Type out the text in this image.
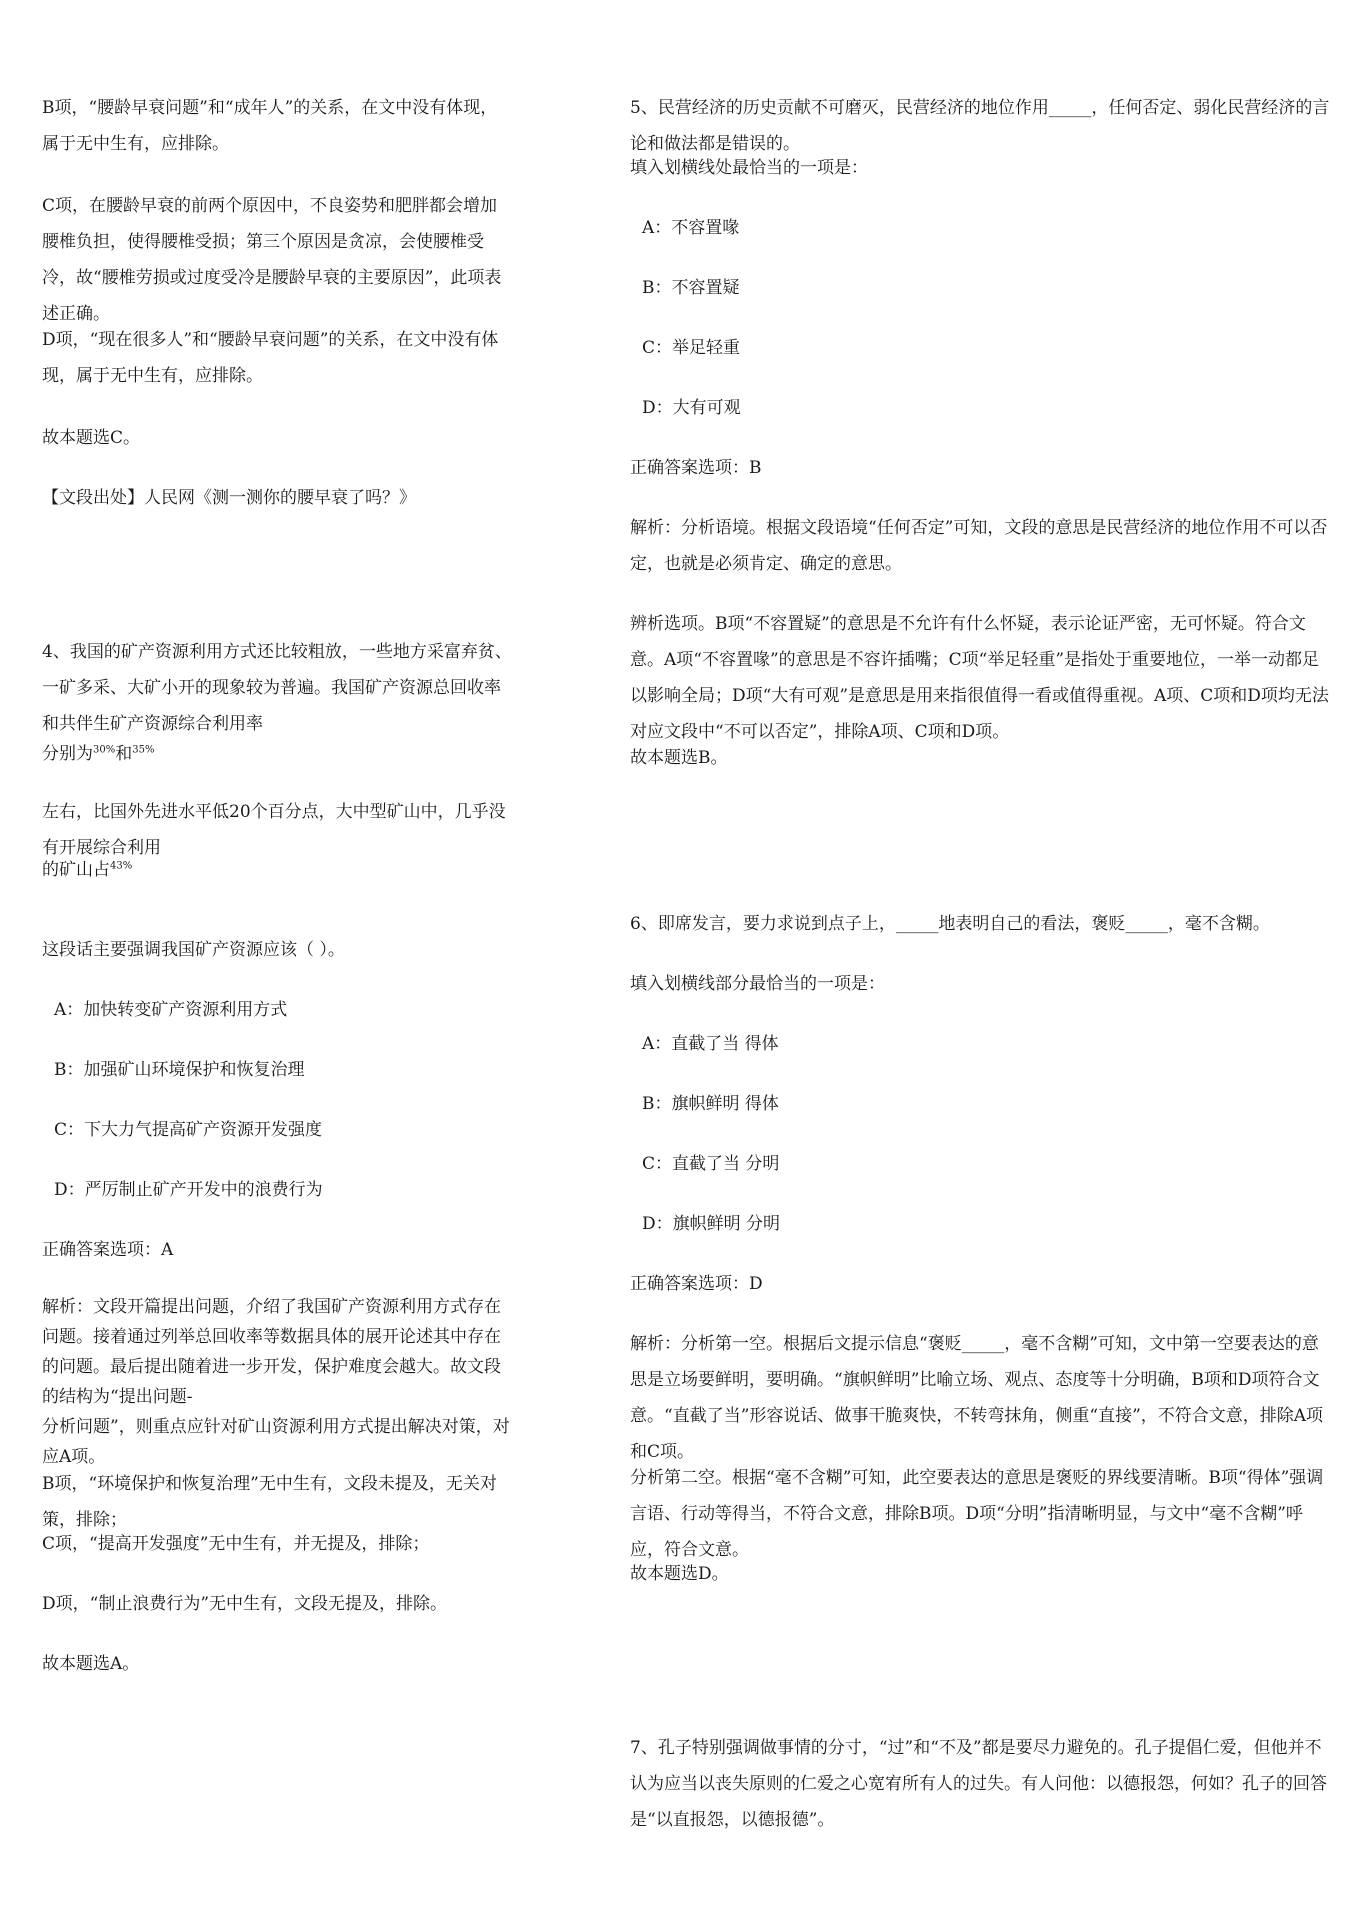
B项，“腰龄早衰问题”和“成年人”的关系，在文中没有体现，属于无中生有，应排除。

C项，在腰龄早衰的前两个原因中，不良姿势和肥胖都会增加腰椎负担，使得腰椎受损；第三个原因是贪凉，会使腰椎受冷，故“腰椎劳损或过度受冷是腰龄早衰的主要原因”，此项表述正确。

D项，“现在很多人”和“腰龄早衰问题”的关系，在文中没有体现，属于无中生有，应排除。

故本题选C。

【文段出处】人民网《测一测你的腰早衰了吗？》

4、我国的矿产资源利用方式还比较粗放，一些地方采富弃贫、一矿多采、大矿小开的现象较为普遍。我国矿产资源总回收率和共伴生矿产资源综合利用率

分别为$^{30\%}$和$^{35\%}$

左右，比国外先进水平低20个百分点，大中型矿山中，几乎没有开展综合利用

的矿山占$^{43\%}$

这段话主要强调我国矿产资源应该（ ）。

A：加快转变矿产资源利用方式

B：加强矿山环境保护和恢复治理

C：下大力气提高矿产资源开发强度

D：严厉制止矿产开发中的浪费行为

正确答案选项：A

解析：文段开篇提出问题，介绍了我国矿产资源利用方式存在问题。接着通过列举总回收率等数据具体的展开论述其中存在的问题。最后提出随着进一步开发，保护难度会越大。故文段的结构为“提出问题-

分析问题”，则重点应针对矿山资源利用方式提出解决对策，对应A项。

B项，“环境保护和恢复治理”无中生有，文段未提及，无关对策，排除；

C项，“提高开发强度”无中生有，并无提及，排除；

D项，“制止浪费行为”无中生有，文段无提及，排除。

故本题选A。

5、民营经济的历史贡献不可磨灭，民营经济的地位作用_____，任何否定、弱化民营经济的言论和做法都是错误的。

填入划横线处最恰当的一项是：

A：不容置喙

B：不容置疑

C：举足轻重

D：大有可观

正确答案选项：B

解析：分析语境。根据文段语境“任何否定”可知，文段的意思是民营经济的地位作用不可以否定，也就是必须肯定、确定的意思。

辨析选项。B项“不容置疑”的意思是不允许有什么怀疑，表示论证严密，无可怀疑。符合文意。A项“不容置喙”的意思是不容许插嘴；C项“举足轻重”是指处于重要地位，一举一动都足以影响全局；D项“大有可观”是意思是用来指很值得一看或值得重视。A项、C项和D项均无法对应文段中“不可以否定”，排除A项、C项和D项。

故本题选B。

6、即席发言，要力求说到点子上，_____地表明自己的看法，褒贬_____，毫不含糊。

填入划横线部分最恰当的一项是：

A：直截了当 得体

B：旗帜鲜明 得体

C：直截了当 分明

D：旗帜鲜明 分明

正确答案选项：D

解析：分析第一空。根据后文提示信息“褒贬_____，毫不含糊”可知，文中第一空要表达的意思是立场要鲜明，要明确。“旗帜鲜明”比喻立场、观点、态度等十分明确，B项和D项符合文意。“直截了当”形容说话、做事干脆爽快，不转弯抹角，侧重“直接”，不符合文意，排除A项和C项。

分析第二空。根据“毫不含糊”可知，此空要表达的意思是褒贬的界线要清晰。B项“得体”强调言语、行动等得当，不符合文意，排除B项。D项“分明”指清晰明显，与文中“毫不含糊”呼应，符合文意。

故本题选D。

7、孔子特别强调做事情的分寸，“过”和“不及”都是要尽力避免的。孔子提倡仁爱，但他并不认为应当以丧失原则的仁爱之心宽宥所有人的过失。有人问他：以德报怨，何如？孔子的回答是“以直报怨，以德报德”。
